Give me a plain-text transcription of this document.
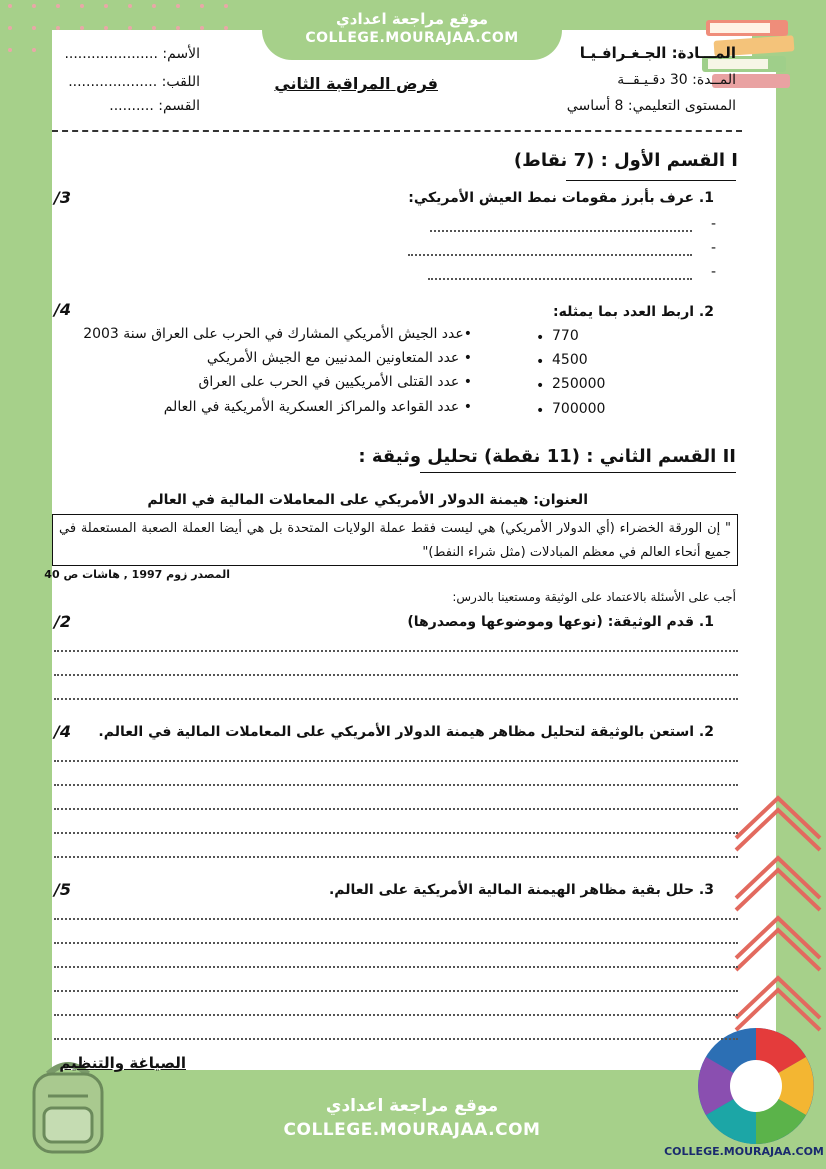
موقع مراجعة اعدادي
COLLEGE.MOURAJAA.COM
موقع مراجعة اعدادي
COLLEGE.MOURAJAA.COM
COLLEGE.MOURAJAA.COM
الأسم: .....................
اللقب: ....................
القسم: ..........
فرض المراقبة الثاني
المـــادة: الجـغـرافـيـا
المــدة: 30 دقـيـقــة
المستوى التعليمي: 8 أساسي
I القسم الأول : (7 نقاط)
1. عرف بأبرز مقومات نمط العيش الأمريكي:
/3
-
-
-
2. اربط العدد بما يمثله:
/4
• 770
• 4500
• 250000
• 700000
•عدد الجيش الأمريكي المشارك في الحرب على العراق سنة 2003
• عدد المتعاونين المدنيين مع الجيش الأمريكي
• عدد القتلى الأمريكيين في الحرب على العراق
• عدد القواعد والمراكز العسكرية الأمريكية في العالم
II القسم الثاني : (11 نقطة) تحليل وثيقة :
العنوان: هيمنة الدولار الأمريكي على المعاملات المالية في العالم
" إن الورقة الخضراء (أي الدولار الأمريكي) هي ليست فقط عملة الولايات المتحدة بل هي أيضا العملة الصعبة المستعملة في جميع أنحاء العالم في معظم المبادلات (مثل شراء النفط)"
المصدر زوم 1997 , هاشات ص 40
أجب على الأسئلة بالاعتماد على الوثيقة ومستعينا بالدرس:
1. قدم الوثيقة: (نوعها وموضوعها ومصدرها)
/2
2. استعن بالوثيقة لتحليل مظاهر هيمنة الدولار الأمريكي على المعاملات المالية في العالم.
/4
3. حلل بقية مظاهر الهيمنة المالية الأمريكية على العالم.
/5
الصياغة والتنظيم
